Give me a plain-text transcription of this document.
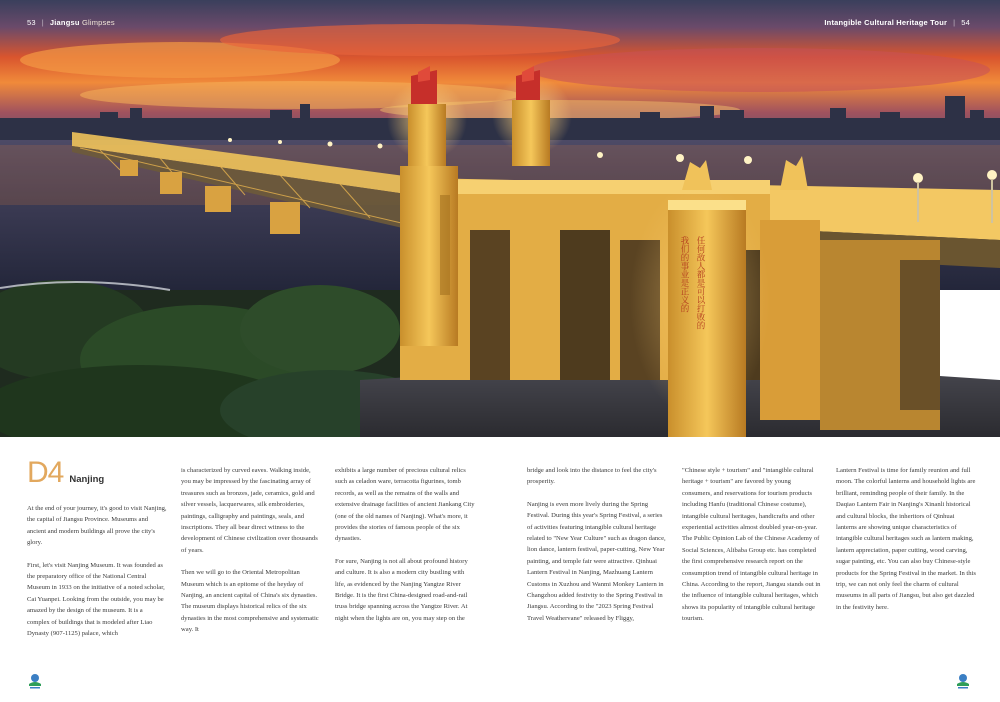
我们的事业是正义的 任何敌人都是可以打败的
53 | Jiangsu Glimpses	Intangible Cultural Heritage Tour | 54
D4 Nanjing

At the end of your journey, it's good to visit Nanjing, the capital of Jiangsu Province. Museums and ancient and modern buildings all prove the city's glory.

First, let's visit Nanjing Museum. It was founded as the preparatory office of the National Central Museum in 1933 on the initiative of a noted scholar, Cai Yuanpei. Looking from the outside, you may be amazed by the design of the museum. It is a complex of buildings that is modeled after Liao Dynasty (907-1125) palace, which

is characterized by curved eaves. Walking inside, you may be impressed by the fascinating array of treasures such as bronzes, jade, ceramics, gold and silver vessels, lacquerwares, silk embroideries, paintings, calligraphy and paintings, seals, and inscriptions. They all bear direct witness to the development of Chinese civilization over thousands of years.

Then we will go to the Oriental Metropolitan Museum which is an epitome of the heyday of Nanjing, an ancient capital of China's six dynasties. The museum displays historical relics of the six dynasties in the most comprehensive and systematic way. It

exhibits a large number of precious cultural relics such as celadon ware, terracotta figurines, tomb records, as well as the remains of the walls and extensive drainage facilities of ancient Jiankang City (one of the old names of Nanjing). What's more, it provides the stories of famous people of the six dynasties.

For sure, Nanjing is not all about profound history and culture. It is also a modern city bustling with life, as evidenced by the Nanjing Yangtze River Bridge. It is the first China-designed road-and-rail truss bridge spanning across the Yangtze River. At night when the lights are on, you may step on the

bridge and look into the distance to feel the city's prosperity.

Nanjing is even more lively during the Spring Festival. During this year's Spring Festival, a series of activities featuring intangible cultural heritage related to "New Year Culture" such as dragon dance, lion dance, lantern festival, paper-cutting, New Year painting, and temple fair were attractive. Qinhuai Lantern Festival in Nanjing, Mazhuang Lantern Customs in Xuzhou and Wanmi Monkey Lantern in Changzhou added festivity to the Spring Festival in Jiangsu. According to the "2023 Spring Festival Travel Weathervane" released by Fliggy,

"Chinese style + tourism" and "intangible cultural heritage + tourism" are favored by young consumers, and reservations for tourism products including Hanfu (traditional Chinese costume), intangible cultural heritages, handicrafts and other experiential activities almost doubled year-on-year. The Public Opinion Lab of the Chinese Academy of Social Sciences, Alibaba Group etc. has completed the first comprehensive research report on the consumption trend of intangible cultural heritage in China. According to the report, Jiangsu stands out in the influence of intangible cultural heritages, which shows its popularity of intangible cultural heritage tourism.

Lantern Festival is time for family reunion and full moon. The colorful lanterns and household lights are brilliant, reminding people of their family. In the Daqiao Lantern Fair in Nanjing's Xinanli historical and cultural blocks, the inheritors of Qinhuai lanterns are showing unique characteristics of intangible cultural heritages such as lantern making, lantern appreciation, paper cutting, wood carving, sugar painting, etc. You can also buy Chinese-style products for the Spring Festival in the market. In this trip, we can not only feel the charm of cultural museums in all parts of Jiangsu, but also get dazzled in the festivity here.
